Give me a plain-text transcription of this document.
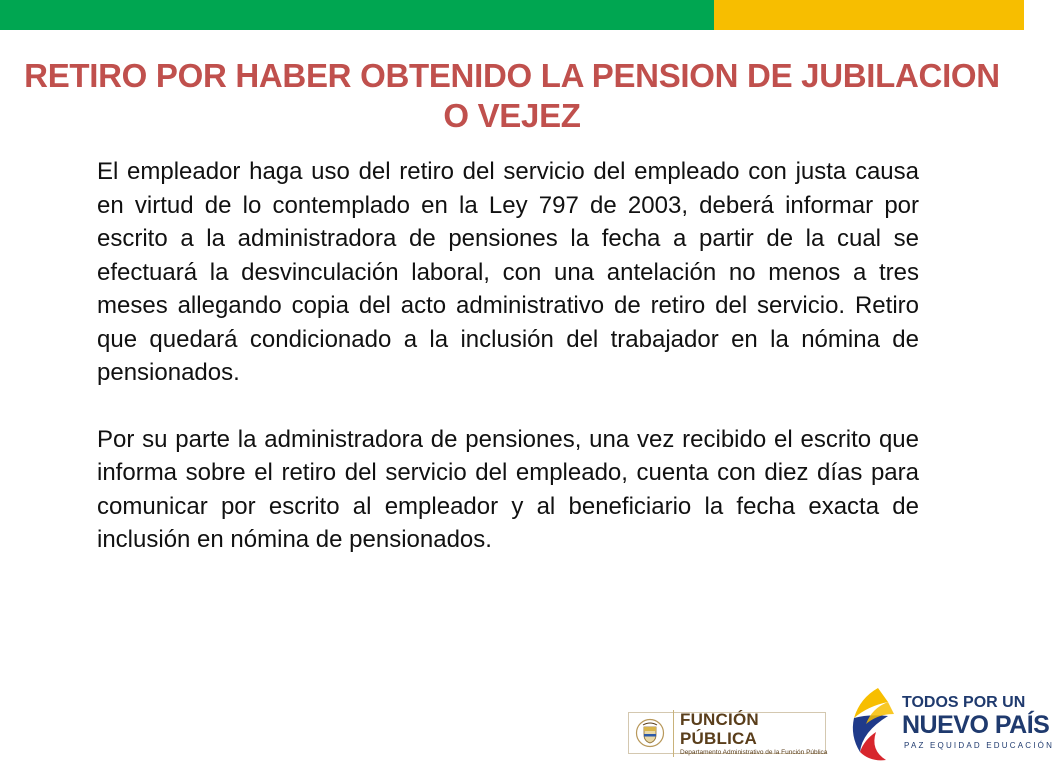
RETIRO POR HABER OBTENIDO LA PENSION DE JUBILACION O VEJEZ

El empleador haga uso del retiro del servicio del empleado con justa causa en virtud de lo contemplado en la Ley 797 de 2003, deberá informar por escrito a la administradora de pensiones la fecha a partir de la cual se efectuará la desvinculación laboral, con una antelación no menos a tres meses allegando copia del acto administrativo de retiro del servicio. Retiro que quedará condicionado a la inclusión del trabajador en la nómina de pensionados.

Por su parte la administradora de pensiones, una vez recibido el escrito que informa sobre el retiro del servicio del empleado, cuenta con diez días para comunicar por escrito al empleador y al beneficiario la fecha exacta de inclusión en nómina de pensionados.

FUNCIÓN PÚBLICA
Departamento Administrativo de la Función Pública
TODOS POR UN
NUEVO PAÍS
PAZ EQUIDAD EDUCACIÓN
